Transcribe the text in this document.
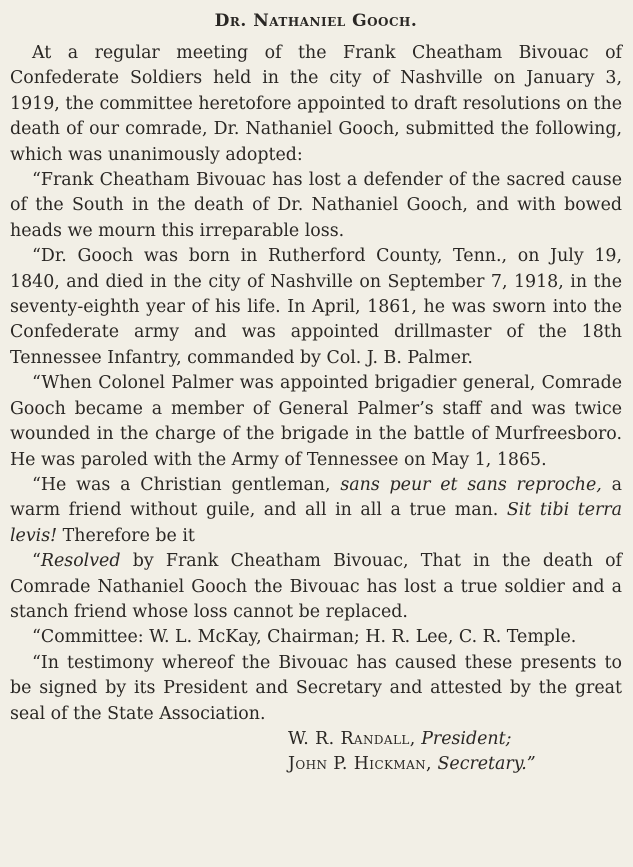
Dr. Nathaniel Gooch.

At a regular meeting of the Frank Cheatham Bivouac of Confederate Soldiers held in the city of Nashville on January 3, 1919, the committee heretofore appointed to draft resolutions on the death of our comrade, Dr. Nathaniel Gooch, submitted the following, which was unanimously adopted:

“Frank Cheatham Bivouac has lost a defender of the sacred cause of the South in the death of Dr. Nathaniel Gooch, and with bowed heads we mourn this irreparable loss.

“Dr. Gooch was born in Rutherford County, Tenn., on July 19, 1840, and died in the city of Nashville on September 7, 1918, in the seventy-eighth year of his life. In April, 1861, he was sworn into the Confederate army and was appointed drillmaster of the 18th Tennessee Infantry, commanded by Col. J. B. Palmer.

“When Colonel Palmer was appointed brigadier general, Comrade Gooch became a member of General Palmer’s staff and was twice wounded in the charge of the brigade in the battle of Murfreesboro. He was paroled with the Army of Tennessee on May 1, 1865.

“He was a Christian gentleman, sans peur et sans reproche, a warm friend without guile, and all in all a true man. Sit tibi terra levis! Therefore be it

“Resolved by Frank Cheatham Bivouac, That in the death of Comrade Nathaniel Gooch the Bivouac has lost a true soldier and a stanch friend whose loss cannot be replaced.

“Committee: W. L. McKay, Chairman; H. R. Lee, C. R. Temple.

“In testimony whereof the Bivouac has caused these presents to be signed by its President and Secretary and attested by the great seal of the State Association.

W. R. Randall, President;

John P. Hickman, Secretary.”
